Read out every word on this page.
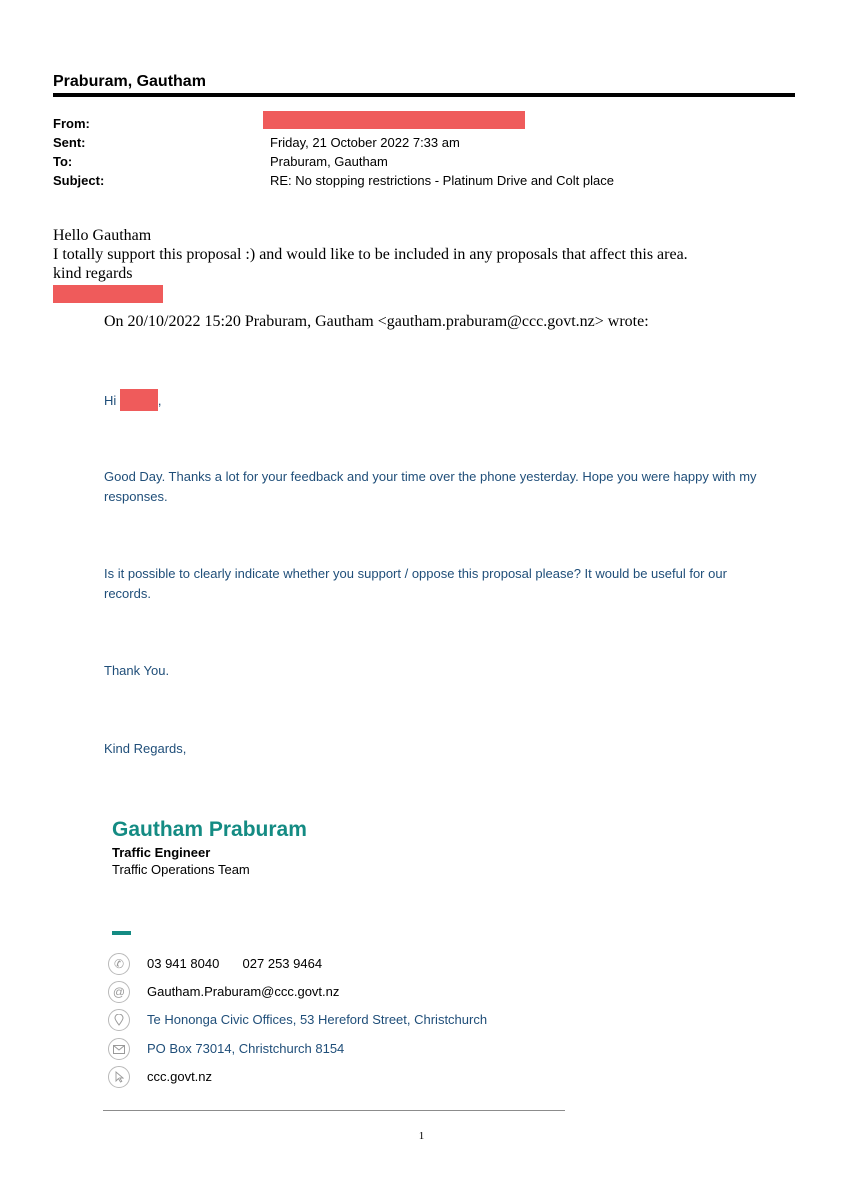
Praburam, Gautham
From:
Sent:	Friday, 21 October 2022 7:33 am
To:	Praburam, Gautham
Subject:	RE: No stopping restrictions - Platinum Drive and Colt place
Hello Gautham
I totally support this proposal :) and would like to be included in any proposals that affect this area.
kind regards
On 20/10/2022 15:20 Praburam, Gautham <gautham.praburam@ccc.govt.nz> wrote:
Hi	,
Good Day. Thanks a lot for your feedback and your time over the phone yesterday. Hope you were happy with my responses.
Is it possible to clearly indicate whether you support / oppose this proposal please? It would be useful for our records.
Thank You.
Kind Regards,
Gautham Praburam
Traffic Engineer
Traffic Operations Team
✆	03 941 8040 027 253 9464
@	Gautham.Praburam@ccc.govt.nz
Te Hononga Civic Offices, 53 Hereford Street, Christchurch
PO Box 73014, Christchurch 8154
ccc.govt.nz
1
